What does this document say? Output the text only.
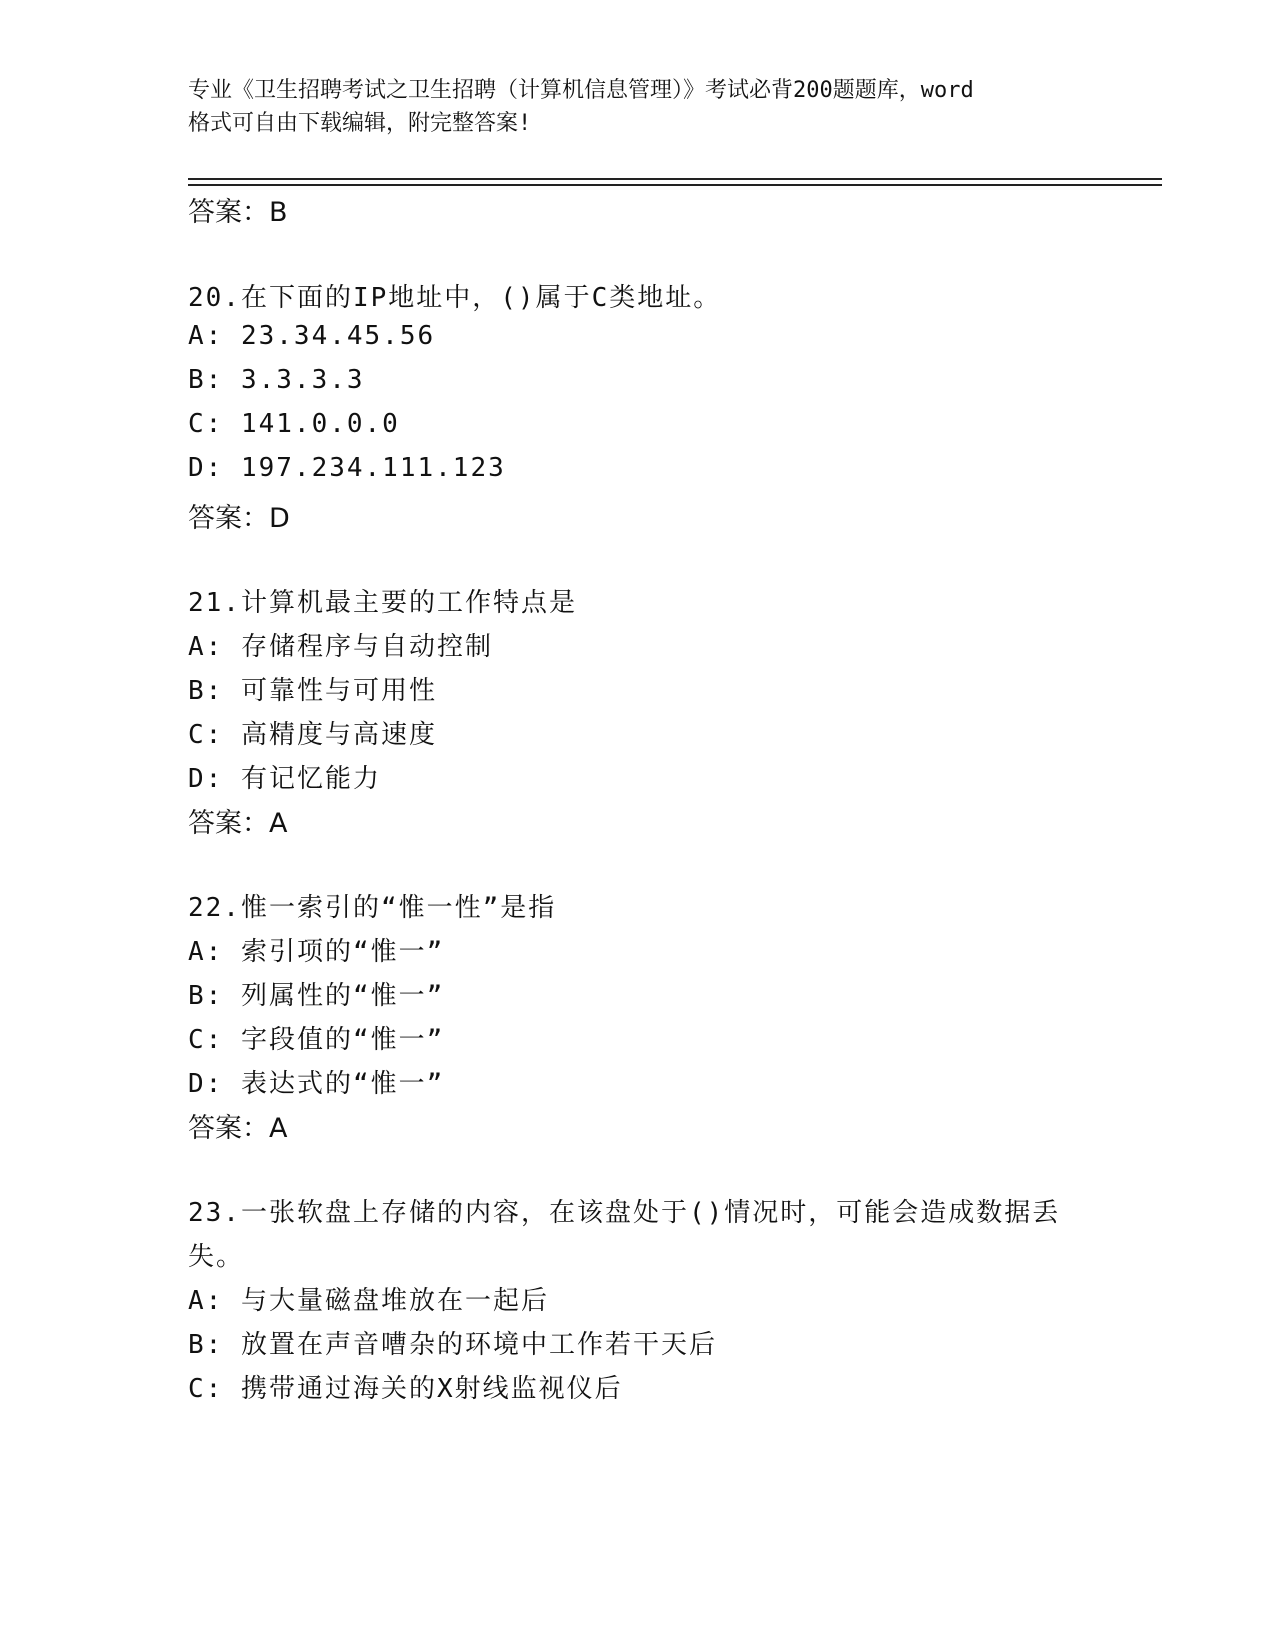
专业《卫生招聘考试之卫生招聘（计算机信息管理）》考试必背200题题库，word
格式可自由下载编辑，附完整答案!
答案：B
20.在下面的IP地址中，()属于C类地址。
A: 23.34.45.56
B: 3.3.3.3
C: 141.0.0.0
D: 197.234.111.123
答案：D
21.计算机最主要的工作特点是
A: 存储程序与自动控制
B: 可靠性与可用性
C: 高精度与高速度
D: 有记忆能力
答案：A
22.惟一索引的“惟一性”是指
A: 索引项的“惟一”
B: 列属性的“惟一”
C: 字段值的“惟一”
D: 表达式的“惟一”
答案：A
23.一张软盘上存储的内容，在该盘处于()情况时，可能会造成数据丢
失。
A: 与大量磁盘堆放在一起后
B: 放置在声音嘈杂的环境中工作若干天后
C: 携带通过海关的X射线监视仪后
